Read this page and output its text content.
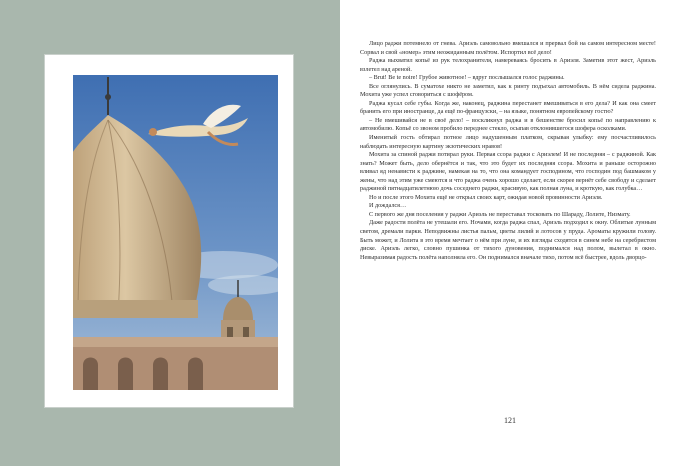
Лицо раджи потемнело от гнева. Ариэль самовольно вмешался и прервал бой на самом интересном месте! Сорвал и свой «номер» этим неожиданным полётом. Испортил всё дело!

Раджа выхватил копьё из рук телохранителя, намереваясь бросить в Ариэля. Заметив этот жест, Ариэль взлетел над ареной.

– Brut! Be te noire! Грубое животное! – вдруг послышался голос раджины.

Все оглянулись. В суматохе никто не заметил, как к ринту подъехал автомобиль. В нём сидела раджина. Мохита уже успел сговориться с шофёром.

Раджа кусал себе губы. Когда же, наконец, раджина перестанет вмешиваться в его дела? И как она смеет бранить его при иностранце, да ещё по-французски, – на языке, понятном европейскому гостю?

– Не вмешивайся не в своё дело! – воскликнул раджа и в бешенстве бросил копьё по направлению к автомобилю. Копьё со звоном пробило переднее стекло, осыпав отклонившегося шофера осколками.

Именитый гость обтирал потное лицо надушенным платком, скрывая улыбку: ему посчастливилось наблюдать интересную картину экзотических нравов!

Мохита за спиной раджи потирал руки. Первая ссора раджи с Ариэлем! И не последняя – с раджиной. Как знать? Может быть, дело обернётся и так, что это будет их последняя ссора. Мохита и раньше осторожно вливал яд ненависти к раджине, намекая на то, что она командует господином, что господин под башмаком у жены, что над этим уже смеются и что раджа очень хорошо сделает, если скорее вернёт себе свободу и сделает раджиной пятнадцатилетнюю дочь соседнего раджи, красивую, как полная луна, и кроткую, как голубка…

Но и после этого Мохита ещё не открыл своих карт, ожидая новой провинности Ариэля.

И дождался…

С первого же дня поселения у раджи Ариэль не переставал тосковать по Шараду, Лолите, Низмату.

Даже радости полёта не утешали его. Ночами, когда раджа спал, Ариэль подходил к окну. Облитые лунным светом, дремали парки. Неподвижны листья пальм, цветы лилий и лотосов у пруда. Ароматы кружили голову. Быть может, и Лолита в это время мечтает о нём при луне, и их взгляды сходятся в синем небе на серебристом диске. Ариэль легко, словно пушинка от тихого дуновения, поднимался над полом, вылетал в окно. Невыразимая радость полёта наполняла его. Он поднимался вначале тихо, потом всё быстрее, вдоль дворцо-

121
